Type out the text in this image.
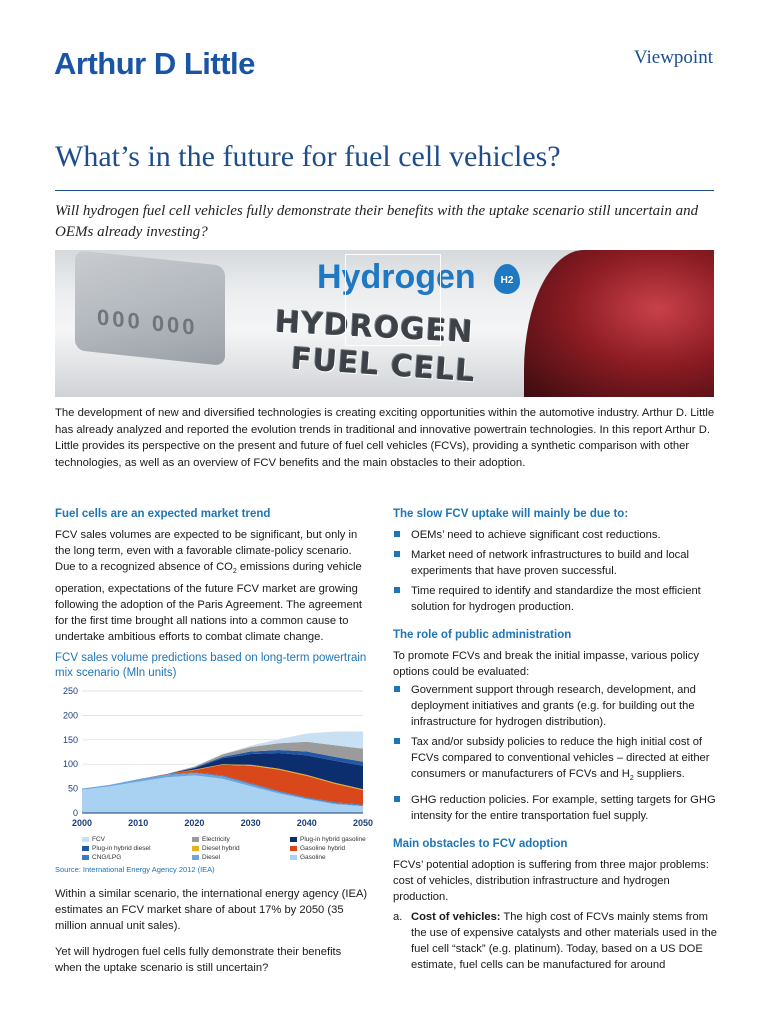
Arthur D Little	Viewpoint
What’s in the future for fuel cell vehicles?
Will hydrogen fuel cell vehicles fully demonstrate their benefits with the uptake scenario still uncertain and OEMs already investing?
000 000
Hydrogen	H2
HYDROGEN
FUEL CELL

The development of new and diversified technologies is creating exciting opportunities within the automotive industry. Arthur D. Little has already analyzed and reported the evolution trends in traditional and innovative powertrain technologies. In this report Arthur D. Little provides its perspective on the present and future of fuel cell vehicles (FCVs), providing a synthetic comparison with other technologies, as well as an overview of FCV benefits and the main obstacles to their adoption.

Fuel cells are an expected market trend

FCV sales volumes are expected to be significant, but only in the long term, even with a favorable climate-policy scenario. Due to a recognized absence of $CO_2$ emissions during vehicle operation, expectations of the future FCV market are growing following the adoption of the Paris Agreement. The agreement for the first time brought all nations into a common cause to undertake ambitious efforts to combat climate change.

FCV sales volume predictions based on long-term powertrain mix scenario (Mln units)

0
50
100
150
200
250
2000	2010	2020	2030	2040	2050
FCV	Electricity	Plug-in hybrid gasoline
Plug-in hybrid diesel	Diesel hybrid	Gasoline hybrid
CNG/LPG	Diesel	Gasoline
Source: International Energy Agency 2012 (IEA)

Within a similar scenario, the international energy agency (IEA) estimates an FCV market share of about 17% by 2050 (35 million annual unit sales).

Yet will hydrogen fuel cells fully demonstrate their benefits when the uptake scenario is still uncertain?

The slow FCV uptake will mainly be due to:
OEMs’ need to achieve significant cost reductions.
Market need of network infrastructures to build and local experiments that have proven successful.
Time required to identify and standardize the most efficient solution for hydrogen production.
The role of public administration

To promote FCVs and break the initial impasse, various policy options could be evaluated:

Government support through research, development, and deployment initiatives and grants (e.g. for building out the infrastructure for hydrogen distribution).
Tax and/or subsidy policies to reduce the high initial cost of FCVs compared to conventional vehicles – directed at either consumers or manufacturers of FCVs and $H_2$ suppliers.
GHG reduction policies. For example, setting targets for GHG intensity for the entire transportation fuel supply.
Main obstacles to FCV adoption

FCVs’ potential adoption is suffering from three major problems: cost of vehicles, distribution infrastructure and hydrogen production.

a. Cost of vehicles: The high cost of FCVs mainly stems from the use of expensive catalysts and other materials used in the fuel cell “stack” (e.g. platinum). Today, based on a US DOE estimate, fuel cells can be manufactured for around
